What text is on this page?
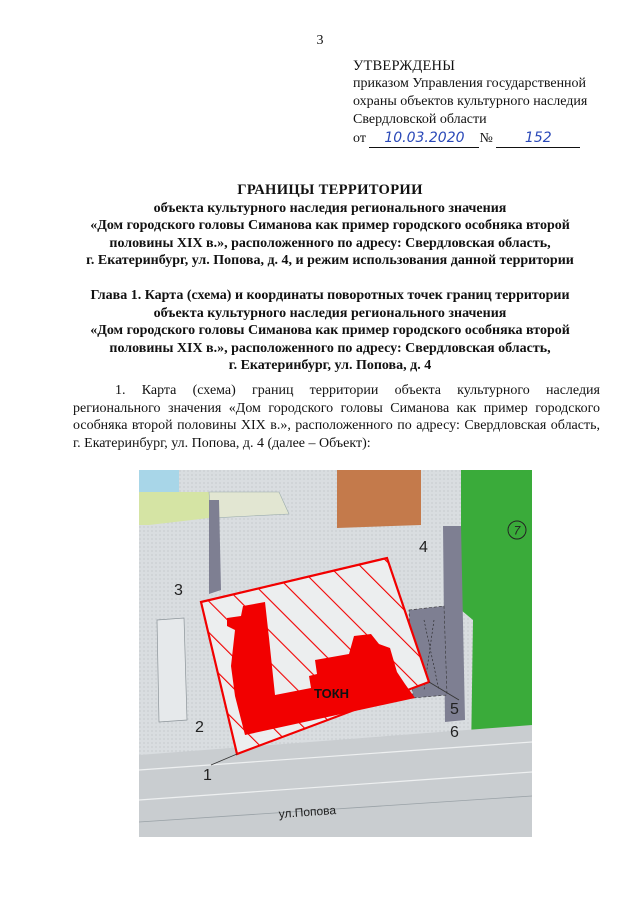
3
УТВЕРЖДЕНЫ
приказом Управления государственной
охраны объектов культурного наследия
Свердловской области
от 10.03.2020 № 152
ГРАНИЦЫ ТЕРРИТОРИИ
объекта культурного наследия регионального значения
«Дом городского головы Симанова как пример городского особняка второй
половины XIX в.», расположенного по адресу: Свердловская область,
г. Екатеринбург, ул. Попова, д. 4, и режим использования данной территории
Глава 1. Карта (схема) и координаты поворотных точек границ территории
объекта культурного наследия регионального значения
«Дом городского головы Симанова как пример городского особняка второй
половины XIX в.», расположенного по адресу: Свердловская область,
г. Екатеринбург, ул. Попова, д. 4
1. Карта (схема) границ территории объекта культурного наследия регионального значения «Дом городского головы Симанова как пример городского особняка второй половины XIX в.», расположенного по адресу: Свердловская область, г. Екатеринбург, ул. Попова, д. 4 (далее – Объект):
7
ул.Попова
ТОКН
3
4
5
6
2
1
